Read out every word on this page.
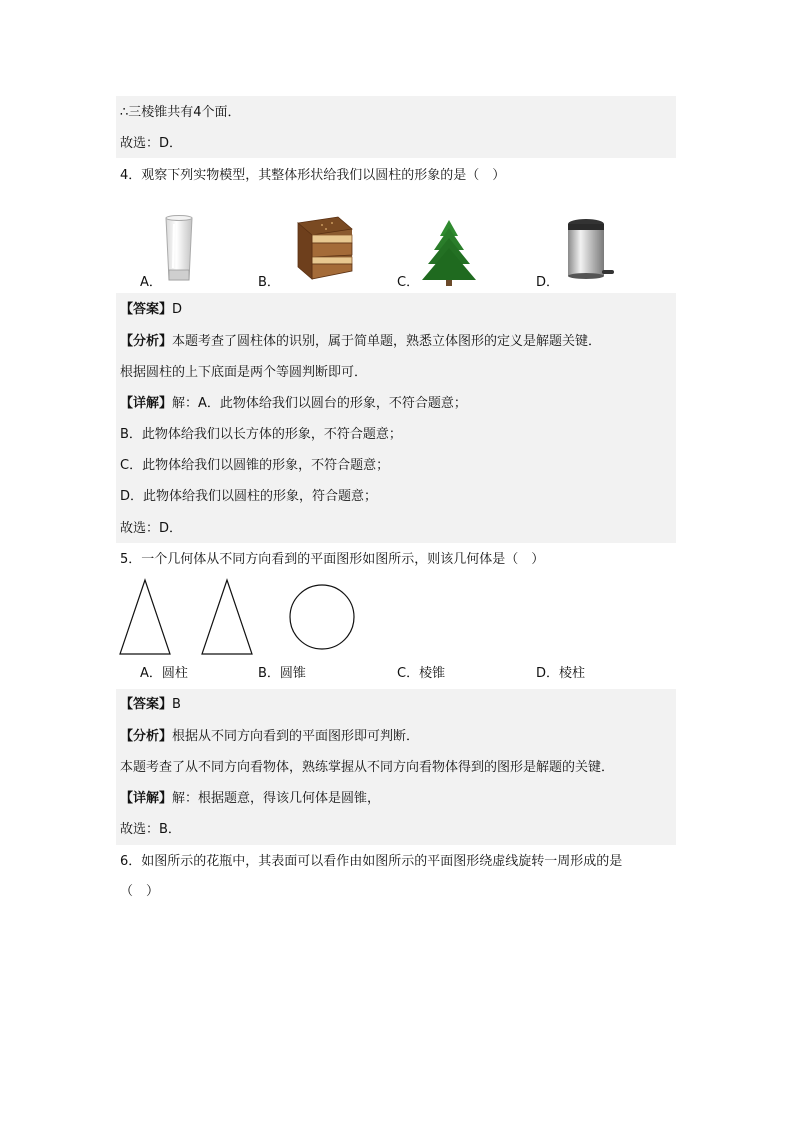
∴三棱锥共有4个面．
故选：D．
4．观察下列实物模型，其整体形状给我们以圆柱的形象的是（　）
A．	B．	C．	D．
【答案】D
【分析】本题考查了圆柱体的识别，属于简单题，熟悉立体图形的定义是解题关键．
根据圆柱的上下底面是两个等圆判断即可．
【详解】解：A．此物体给我们以圆台的形象，不符合题意；
B．此物体给我们以长方体的形象，不符合题意；
C．此物体给我们以圆锥的形象，不符合题意；
D．此物体给我们以圆柱的形象，符合题意；
故选：D．
5．一个几何体从不同方向看到的平面图形如图所示，则该几何体是（　）
A．圆柱	B．圆锥	C．棱锥	D．棱柱
【答案】B
【分析】根据从不同方向看到的平面图形即可判断．
本题考查了从不同方向看物体，熟练掌握从不同方向看物体得到的图形是解题的关键．
【详解】解：根据题意，得该几何体是圆锥，
故选：B．
6．如图所示的花瓶中，其表面可以看作由如图所示的平面图形绕虚线旋转一周形成的是
（　）
